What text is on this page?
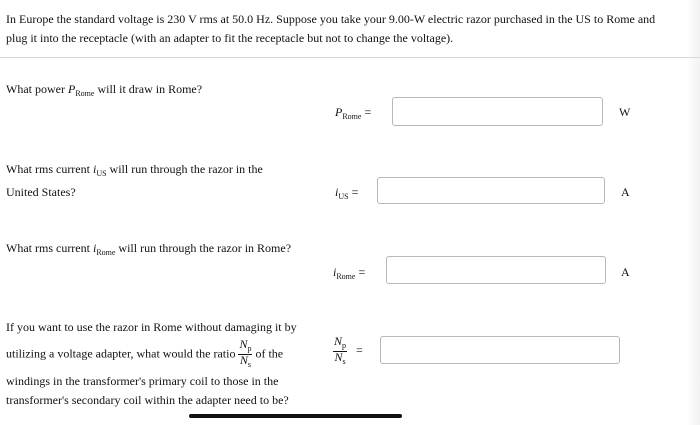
In Europe the standard voltage is 230 V rms at 50.0 Hz. Suppose you take your 9.00-W electric razor purchased in the US to Rome and plug it into the receptacle (with an adapter to fit the receptacle but not to change the voltage).
What power $P_{Rome}$ will it draw in Rome?
$P_{Rome}$ =	W
What rms current $i_{US}$ will run through the razor in the United States?	$i_{US}$ =	A
What rms current $i_{Rome}$ will run through the razor in Rome?
$i_{Rome}$ =	A
If you want to use the razor in Rome without damaging it by
utilizing a voltage adapter, what would the ratio $\frac{N_p}{N_s}$ of the
windings in the transformer's primary coil to those in the transformer's secondary coil within the adapter need to be?
$\frac{N_p}{N_s}$ =
